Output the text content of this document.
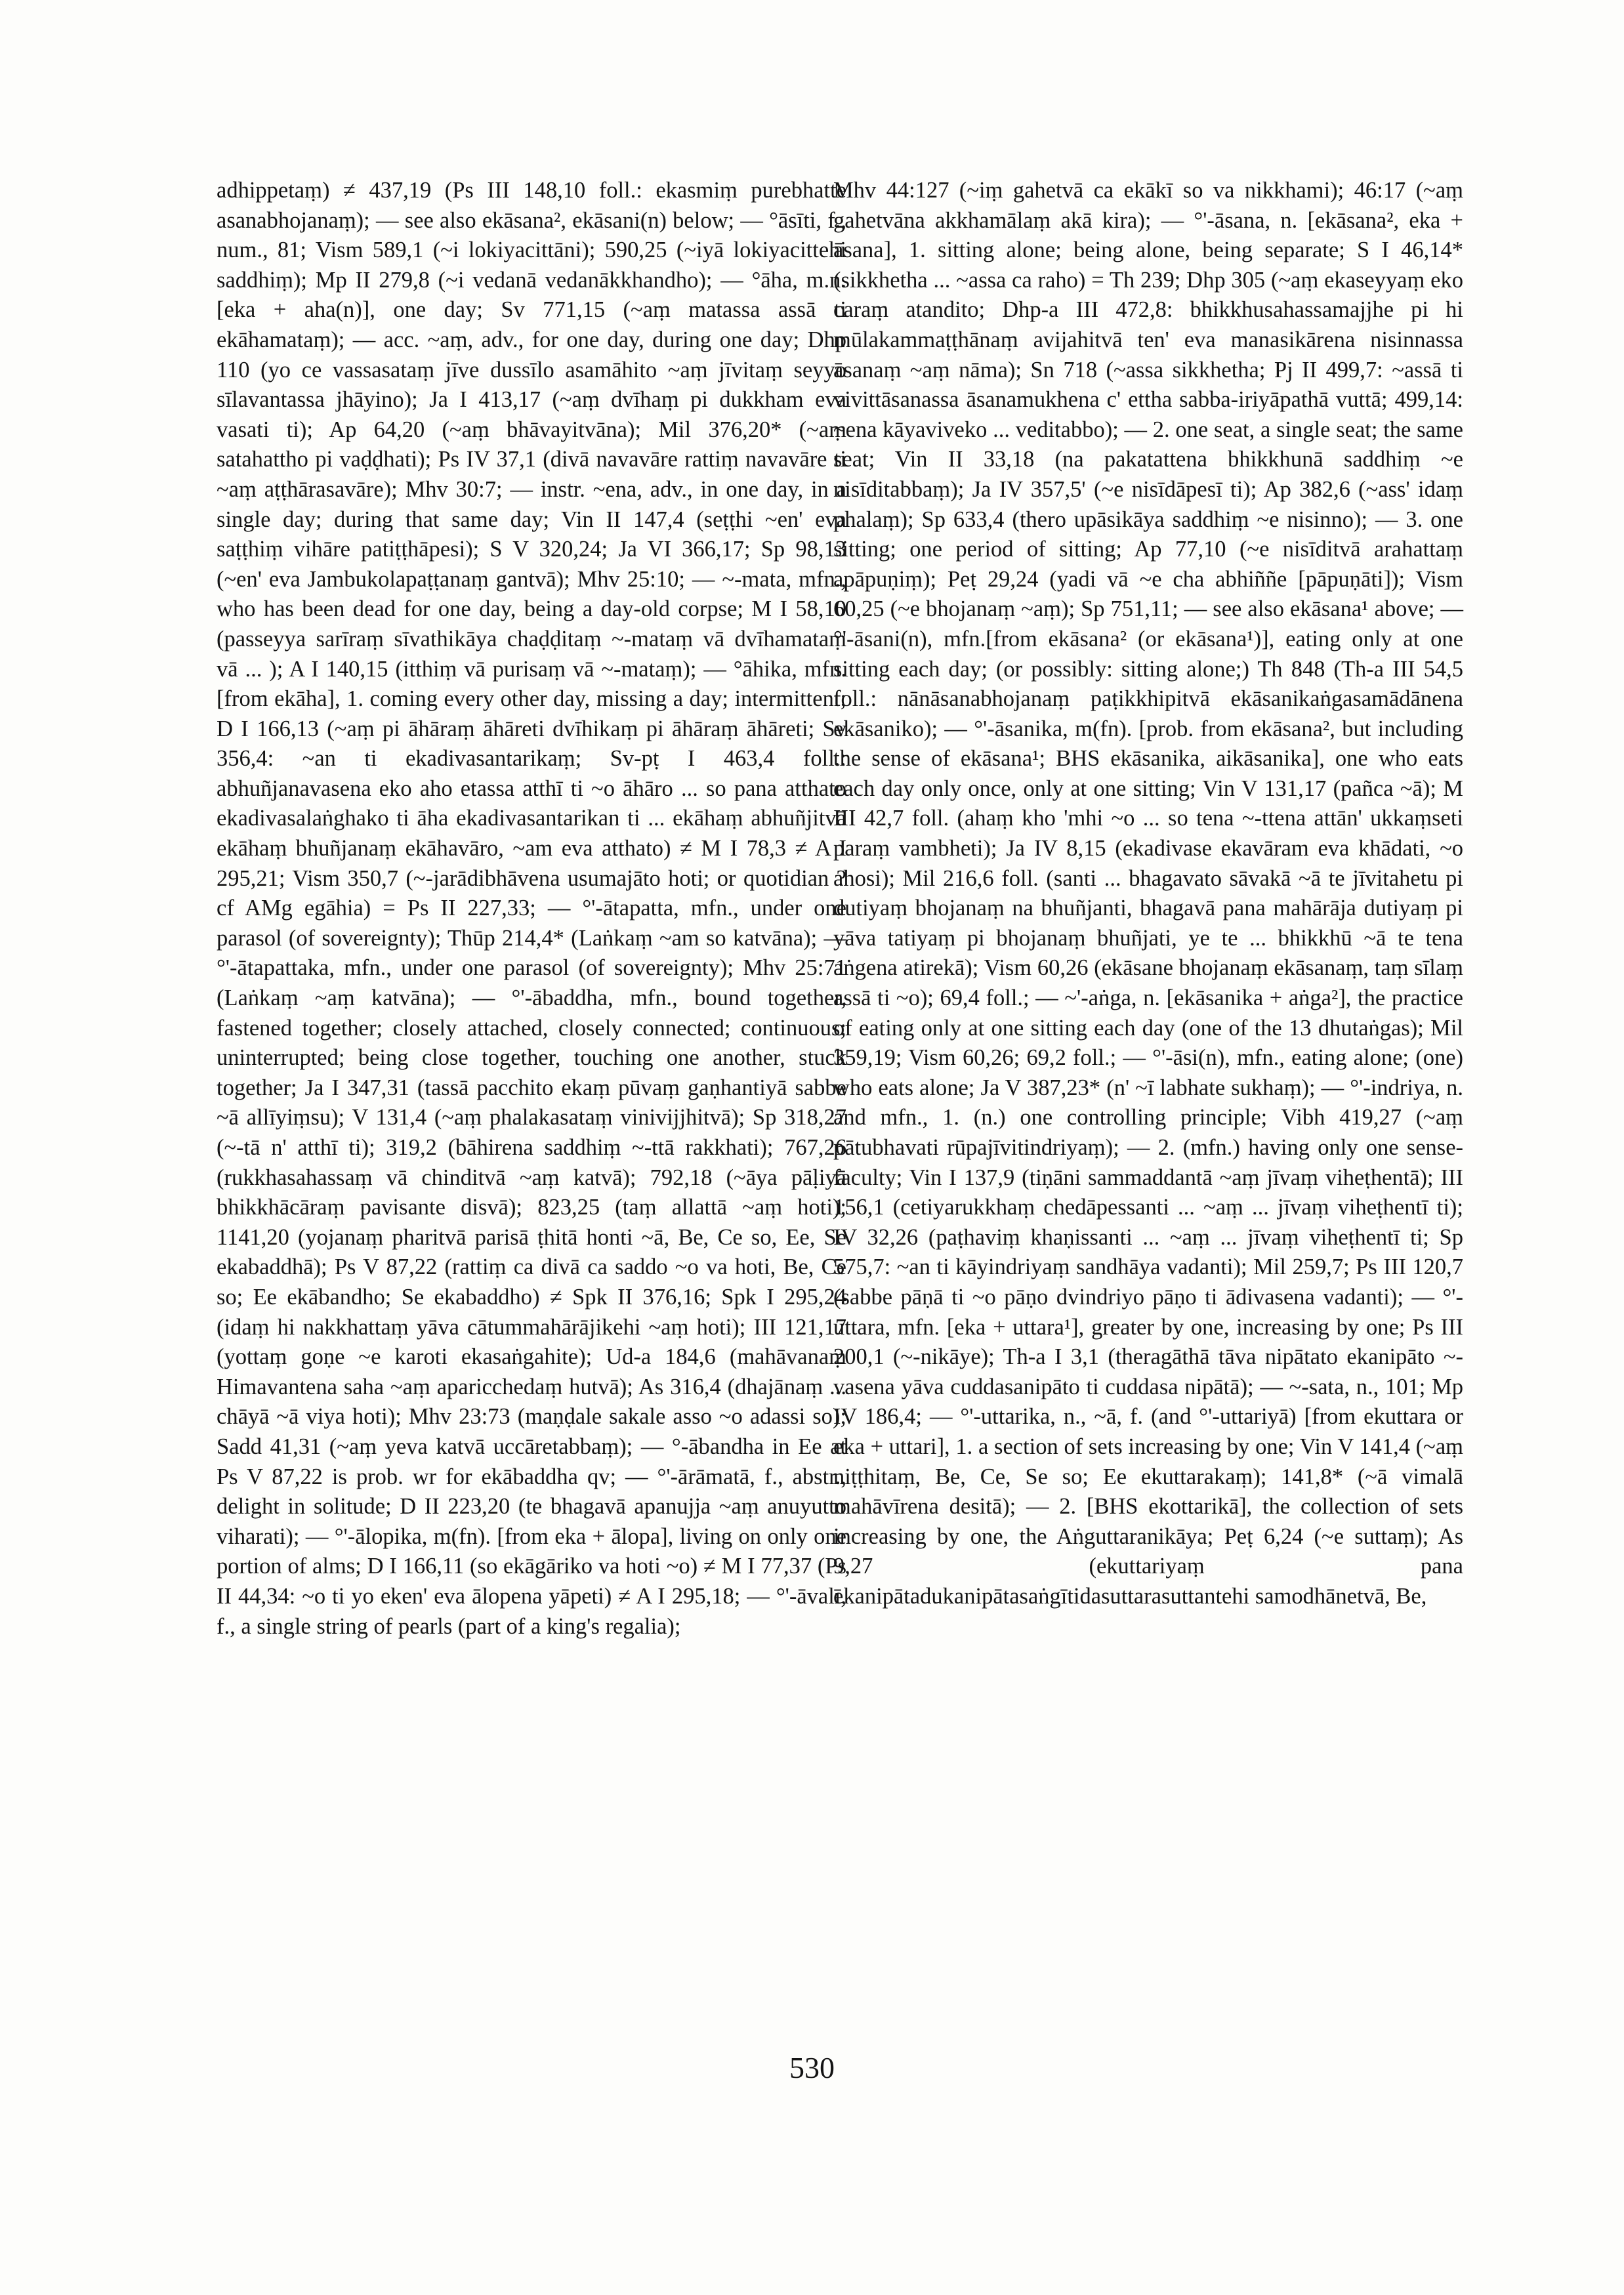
adhippetaṃ) ≠ 437,19 (Ps III 148,10 foll.: ekasmiṃ purebhatte asanabhojanaṃ); — see also ekāsana², ekāsani(n) below; — °āsīti, f., num., 81; Vism 589,1 (~i lokiyacittāni); 590,25 (~iyā lokiyacittehi saddhiṃ); Mp II 279,8 (~i vedanā vedanākkhandho); — °āha, m.n. [eka + aha(n)], one day; Sv 771,15 (~aṃ matassa assā ti ekāhamataṃ); — acc. ~aṃ, adv., for one day, during one day; Dhp 110 (yo ce vassasataṃ jīve dussīlo asamāhito ~aṃ jīvitaṃ seyyo sīlavantassa jhāyino); Ja I 413,17 (~aṃ dvīhaṃ pi dukkham eva vasati ti); Ap 64,20 (~aṃ bhāvayitvāna); Mil 376,20* (~aṃ satahattho pi vaḍḍhati); Ps IV 37,1 (divā navavāre rattiṃ navavāre ti ~aṃ aṭṭhārasavāre); Mhv 30:7; — instr. ~ena, adv., in one day, in a single day; during that same day; Vin II 147,4 (seṭṭhi ~en' eva saṭṭhiṃ vihāre patiṭṭhāpesi); S V 320,24; Ja VI 366,17; Sp 98,13 (~en' eva Jambukolapaṭṭanaṃ gantvā); Mhv 25:10; — ~-mata, mfn., who has been dead for one day, being a day-old corpse; M I 58,10 (passeyya sarīraṃ sīvathikāya chaḍḍitaṃ ~-mataṃ vā dvīhamataṃ vā ... ); A I 140,15 (itthiṃ vā purisaṃ vā ~-mataṃ); — °āhika, mfn. [from ekāha], 1. coming every other day, missing a day; intermittent; D I 166,13 (~aṃ pi āhāraṃ āhāreti dvīhikaṃ pi āhāraṃ āhāreti; Sv 356,4: ~an ti ekadivasantarikaṃ; Sv-pṭ I 463,4 foll.: abhuñjanavasena eko aho etassa atthī ti ~o āhāro ... so pana atthato ekadivasalaṅghako ti āha ekadivasantarikan ti ... ekāhaṃ abhuñjitvā ekāhaṃ bhuñjanaṃ ekāhavāro, ~am eva atthato) ≠ M I 78,3 ≠ A I 295,21; Vism 350,7 (~-jarādibhāvena usumajāto hoti; or quotidian ? cf AMg egāhia) = Ps II 227,33; — °'-ātapatta, mfn., under one parasol (of sovereignty); Thūp 214,4* (Laṅkaṃ ~am so katvāna); — °'-ātapattaka, mfn., under one parasol (of sovereignty); Mhv 25:71 (Laṅkaṃ ~aṃ katvāna); — °'-ābaddha, mfn., bound together, fastened together; closely attached, closely connected; continuous; uninterrupted; being close together, touching one another, stuck together; Ja I 347,31 (tassā pacchito ekaṃ pūvaṃ gaṇhantiyā sabbe ~ā allīyiṃsu); V 131,4 (~aṃ phalakasataṃ vinivijjhitvā); Sp 318,27 (~-tā n' atthī ti); 319,2 (bāhirena saddhiṃ ~-ttā rakkhati); 767,26 (rukkhasahassaṃ vā chinditvā ~aṃ katvā); 792,18 (~āya pāḷiyā bhikkhācāraṃ pavisante disvā); 823,25 (taṃ allattā ~aṃ hoti); 1141,20 (yojanaṃ pharitvā parisā ṭhitā honti ~ā, Be, Ce so, Ee, Se ekabaddhā); Ps V 87,22 (rattiṃ ca divā ca saddo ~o va hoti, Be, Ce so; Ee ekābandho; Se ekabaddho) ≠ Spk II 376,16; Spk I 295,24 (idaṃ hi nakkhattaṃ yāva cātummahārājikehi ~aṃ hoti); III 121,17 (yottaṃ goṇe ~e karoti ekasaṅgahite); Ud-a 184,6 (mahāvanaṃ Himavantena saha ~aṃ aparicchedaṃ hutvā); As 316,4 (dhajānaṃ ... chāyā ~ā viya hoti); Mhv 23:73 (maṇḍale sakale asso ~o adassi so); Sadd 41,31 (~aṃ yeva katvā uccāretabbaṃ); — °-ābandha in Ee at Ps V 87,22 is prob. wr for ekābaddha qv; — °'-ārāmatā, f., abstr., delight in solitude; D II 223,20 (te bhagavā apanujja ~aṃ anuyutto viharati); — °'-ālopika, m(fn). [from eka + ālopa], living on only one portion of alms; D I 166,11 (so ekāgāriko va hoti ~o) ≠ M I 77,37 (Ps II 44,34: ~o ti yo eken' eva ālopena yāpeti) ≠ A I 295,18; — °'-āvalī, f., a single string of pearls (part of a king's regalia);

Mhv 44:127 (~iṃ gahetvā ca ekākī so va nikkhami); 46:17 (~aṃ gahetvāna akkhamālaṃ akā kira); — °'-āsana, n. [ekāsana², eka + āsana], 1. sitting alone; being alone, being separate; S I 46,14* (sikkhetha ... ~assa ca raho) = Th 239; Dhp 305 (~aṃ ekaseyyaṃ eko caraṃ atandito; Dhp-a III 472,8: bhikkhusahassamajjhe pi hi mūlakammaṭṭhānaṃ avijahitvā ten' eva manasikārena nisinnassa āsanaṃ ~aṃ nāma); Sn 718 (~assa sikkhetha; Pj II 499,7: ~assā ti vivittāsanassa āsanamukhena c' ettha sabba-iriyāpathā vuttā; 499,14: ~ena kāyaviveko ... veditabbo); — 2. one seat, a single seat; the same seat; Vin II 33,18 (na pakatattena bhikkhunā saddhiṃ ~e nisīditabbaṃ); Ja IV 357,5' (~e nisīdāpesī ti); Ap 382,6 (~ass' idaṃ phalaṃ); Sp 633,4 (thero upāsikāya saddhiṃ ~e nisinno); — 3. one sitting; one period of sitting; Ap 77,10 (~e nisīditvā arahattaṃ apāpuṇiṃ); Peṭ 29,24 (yadi vā ~e cha abhiññe [pāpuṇāti]); Vism 60,25 (~e bhojanaṃ ~aṃ); Sp 751,11; — see also ekāsana¹ above; — °'-āsani(n), mfn.[from ekāsana² (or ekāsana¹)], eating only at one sitting each day; (or possibly: sitting alone;) Th 848 (Th-a III 54,5 foll.: nānāsanabhojanaṃ paṭikkhipitvā ekāsanikaṅgasamādānena ekāsaniko); — °'-āsanika, m(fn). [prob. from ekāsana², but including the sense of ekāsana¹; BHS ekāsanika, aikāsanika], one who eats each day only once, only at one sitting; Vin V 131,17 (pañca ~ā); M III 42,7 foll. (ahaṃ kho 'mhi ~o ... so tena ~-ttena attān' ukkaṃseti paraṃ vambheti); Ja IV 8,15 (ekadivase ekavāram eva khādati, ~o ahosi); Mil 216,6 foll. (santi ... bhagavato sāvakā ~ā te jīvitahetu pi dutiyaṃ bhojanaṃ na bhuñjanti, bhagavā pana mahārāja dutiyaṃ pi yāva tatiyaṃ pi bhojanaṃ bhuñjati, ye te ... bhikkhū ~ā te tena aṅgena atirekā); Vism 60,26 (ekāsane bhojanaṃ ekāsanaṃ, taṃ sīlaṃ assā ti ~o); 69,4 foll.; — ~'-aṅga, n. [ekāsanika + aṅga²], the practice of eating only at one sitting each day (one of the 13 dhutaṅgas); Mil 359,19; Vism 60,26; 69,2 foll.; — °'-āsi(n), mfn., eating alone; (one) who eats alone; Ja V 387,23* (n' ~ī labhate sukhaṃ); — °'-indriya, n. and mfn., 1. (n.) one controlling principle; Vibh 419,27 (~aṃ pātubhavati rūpajīvitindriyaṃ); — 2. (mfn.) having only one sense-faculty; Vin I 137,9 (tiṇāni sammaddantā ~aṃ jīvaṃ viheṭhentā); III 156,1 (cetiyarukkhaṃ chedāpessanti ... ~aṃ ... jīvaṃ viheṭhentī ti); IV 32,26 (paṭhaviṃ khaṇissanti ... ~aṃ ... jīvaṃ viheṭhentī ti; Sp 575,7: ~an ti kāyindriyaṃ sandhāya vadanti); Mil 259,7; Ps III 120,7 (sabbe pāṇā ti ~o pāṇo dvindriyo pāṇo ti ādivasena vadanti); — °'-uttara, mfn. [eka + uttara¹], greater by one, increasing by one; Ps III 200,1 (~-nikāye); Th-a I 3,1 (theragāthā tāva nipātato ekanipāto ~-vasena yāva cuddasanipāto ti cuddasa nipātā); — ~-sata, n., 101; Mp IV 186,4; — °'-uttarika, n., ~ā, f. (and °'-uttariyā) [from ekuttara or eka + uttari], 1. a section of sets increasing by one; Vin V 141,4 (~aṃ niṭṭhitaṃ, Be, Ce, Se so; Ee ekuttarakaṃ); 141,8* (~ā vimalā mahāvīrena desitā); — 2. [BHS ekottarikā], the collection of sets increasing by one, the Aṅguttaranikāya; Peṭ 6,24 (~e suttaṃ); As 9,27 (ekuttariyaṃ pana ekanipātadukanipātasaṅgītidasuttarasuttantehi samodhānetvā, Be,

530
